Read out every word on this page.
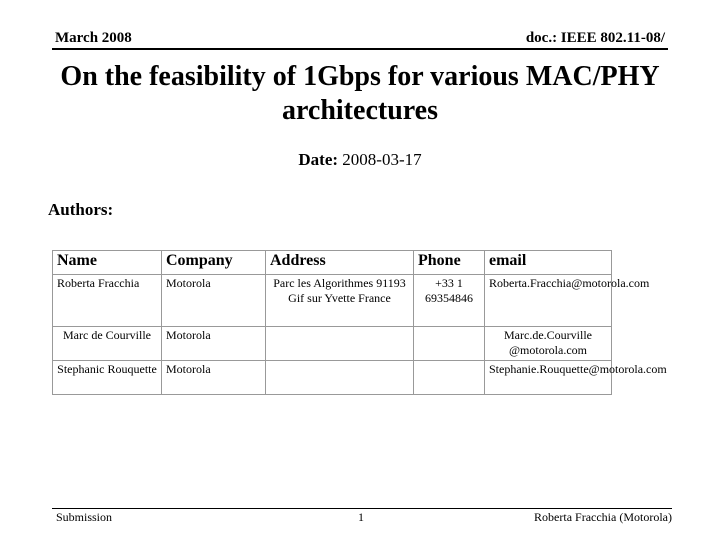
March 2008	doc.: IEEE 802.11-08/
On the feasibility of 1Gbps for various MAC/PHY architectures
Date: 2008-03-17
Authors:
Name	Company	Address	Phone	email
Roberta Fracchia	Motorola	Parc les Algorithmes 91193 Gif sur Yvette France	+33 1 69354846	Roberta.Fracchia@motorola.com
Marc de Courville	Motorola			Marc.de.Courville @motorola.com
Stephanic Rouquette	Motorola			Stephanie.Rouquette@motorola.com
Submission	1	Roberta Fracchia (Motorola)
